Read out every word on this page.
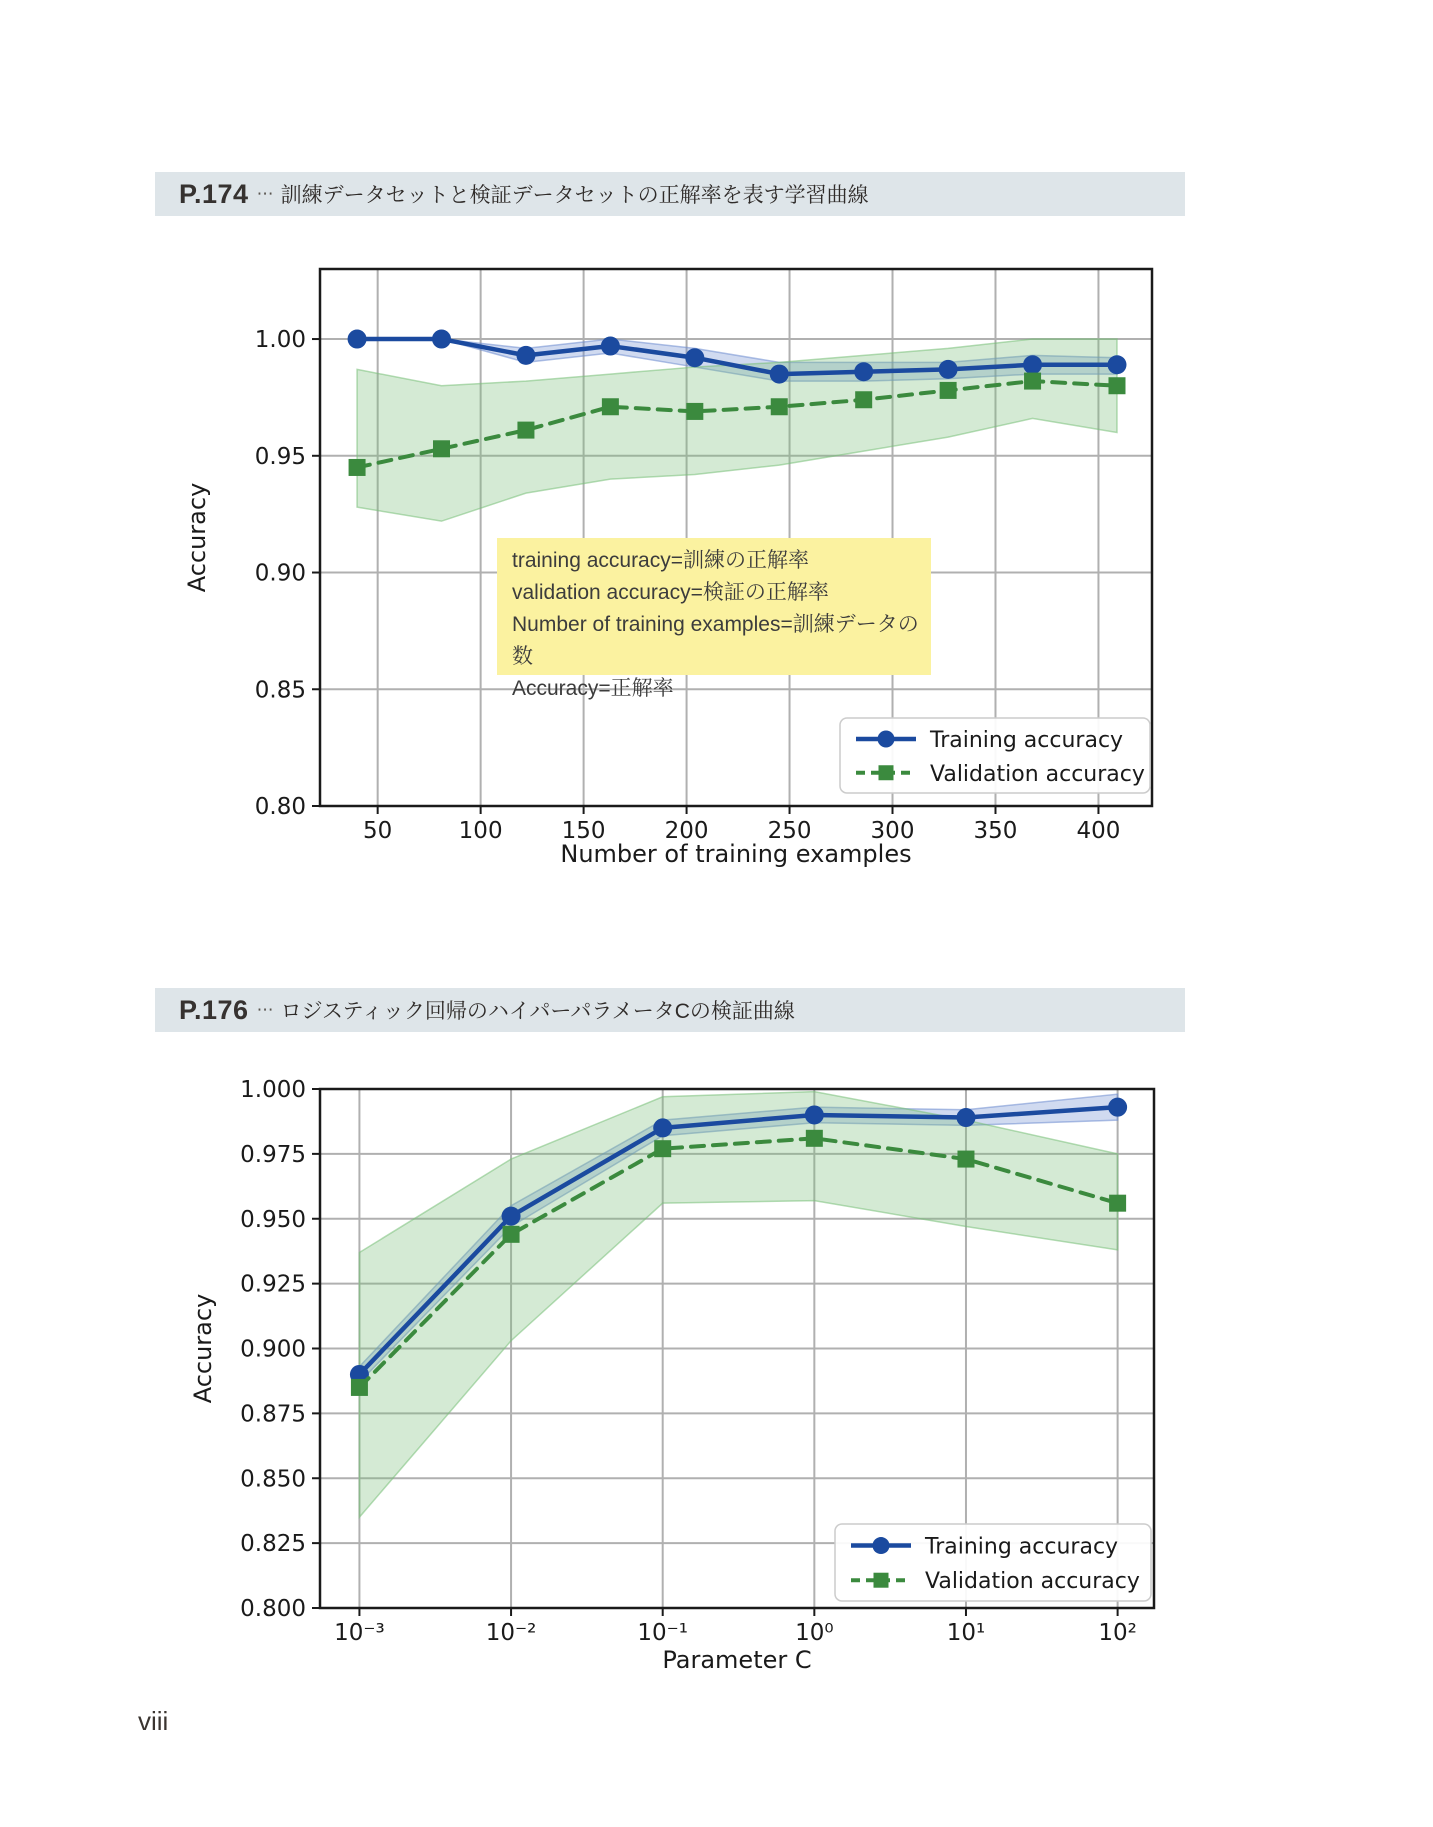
P.174 ⋯ 訓練データセットと検証データセットの正解率を表す学習曲線
50	100	150	200	250	300	350	400
1.00
0.95
0.90
0.85
0.80
Number of training examples
Accuracy
Training accuracy
Validation accuracy
training accuracy=訓練の正解率
validation accuracy=検証の正解率
Number of training examples=訓練データの数
Accuracy=正解率
P.176 ⋯ ロジスティック回帰のハイパーパラメータCの検証曲線
10⁻³	10⁻²	10⁻¹	10⁰	10¹	10²
1.000
0.975
0.950
0.925
0.900
0.875
0.850
0.825
0.800
Parameter C
Accuracy
Training accuracy
Validation accuracy
viii
